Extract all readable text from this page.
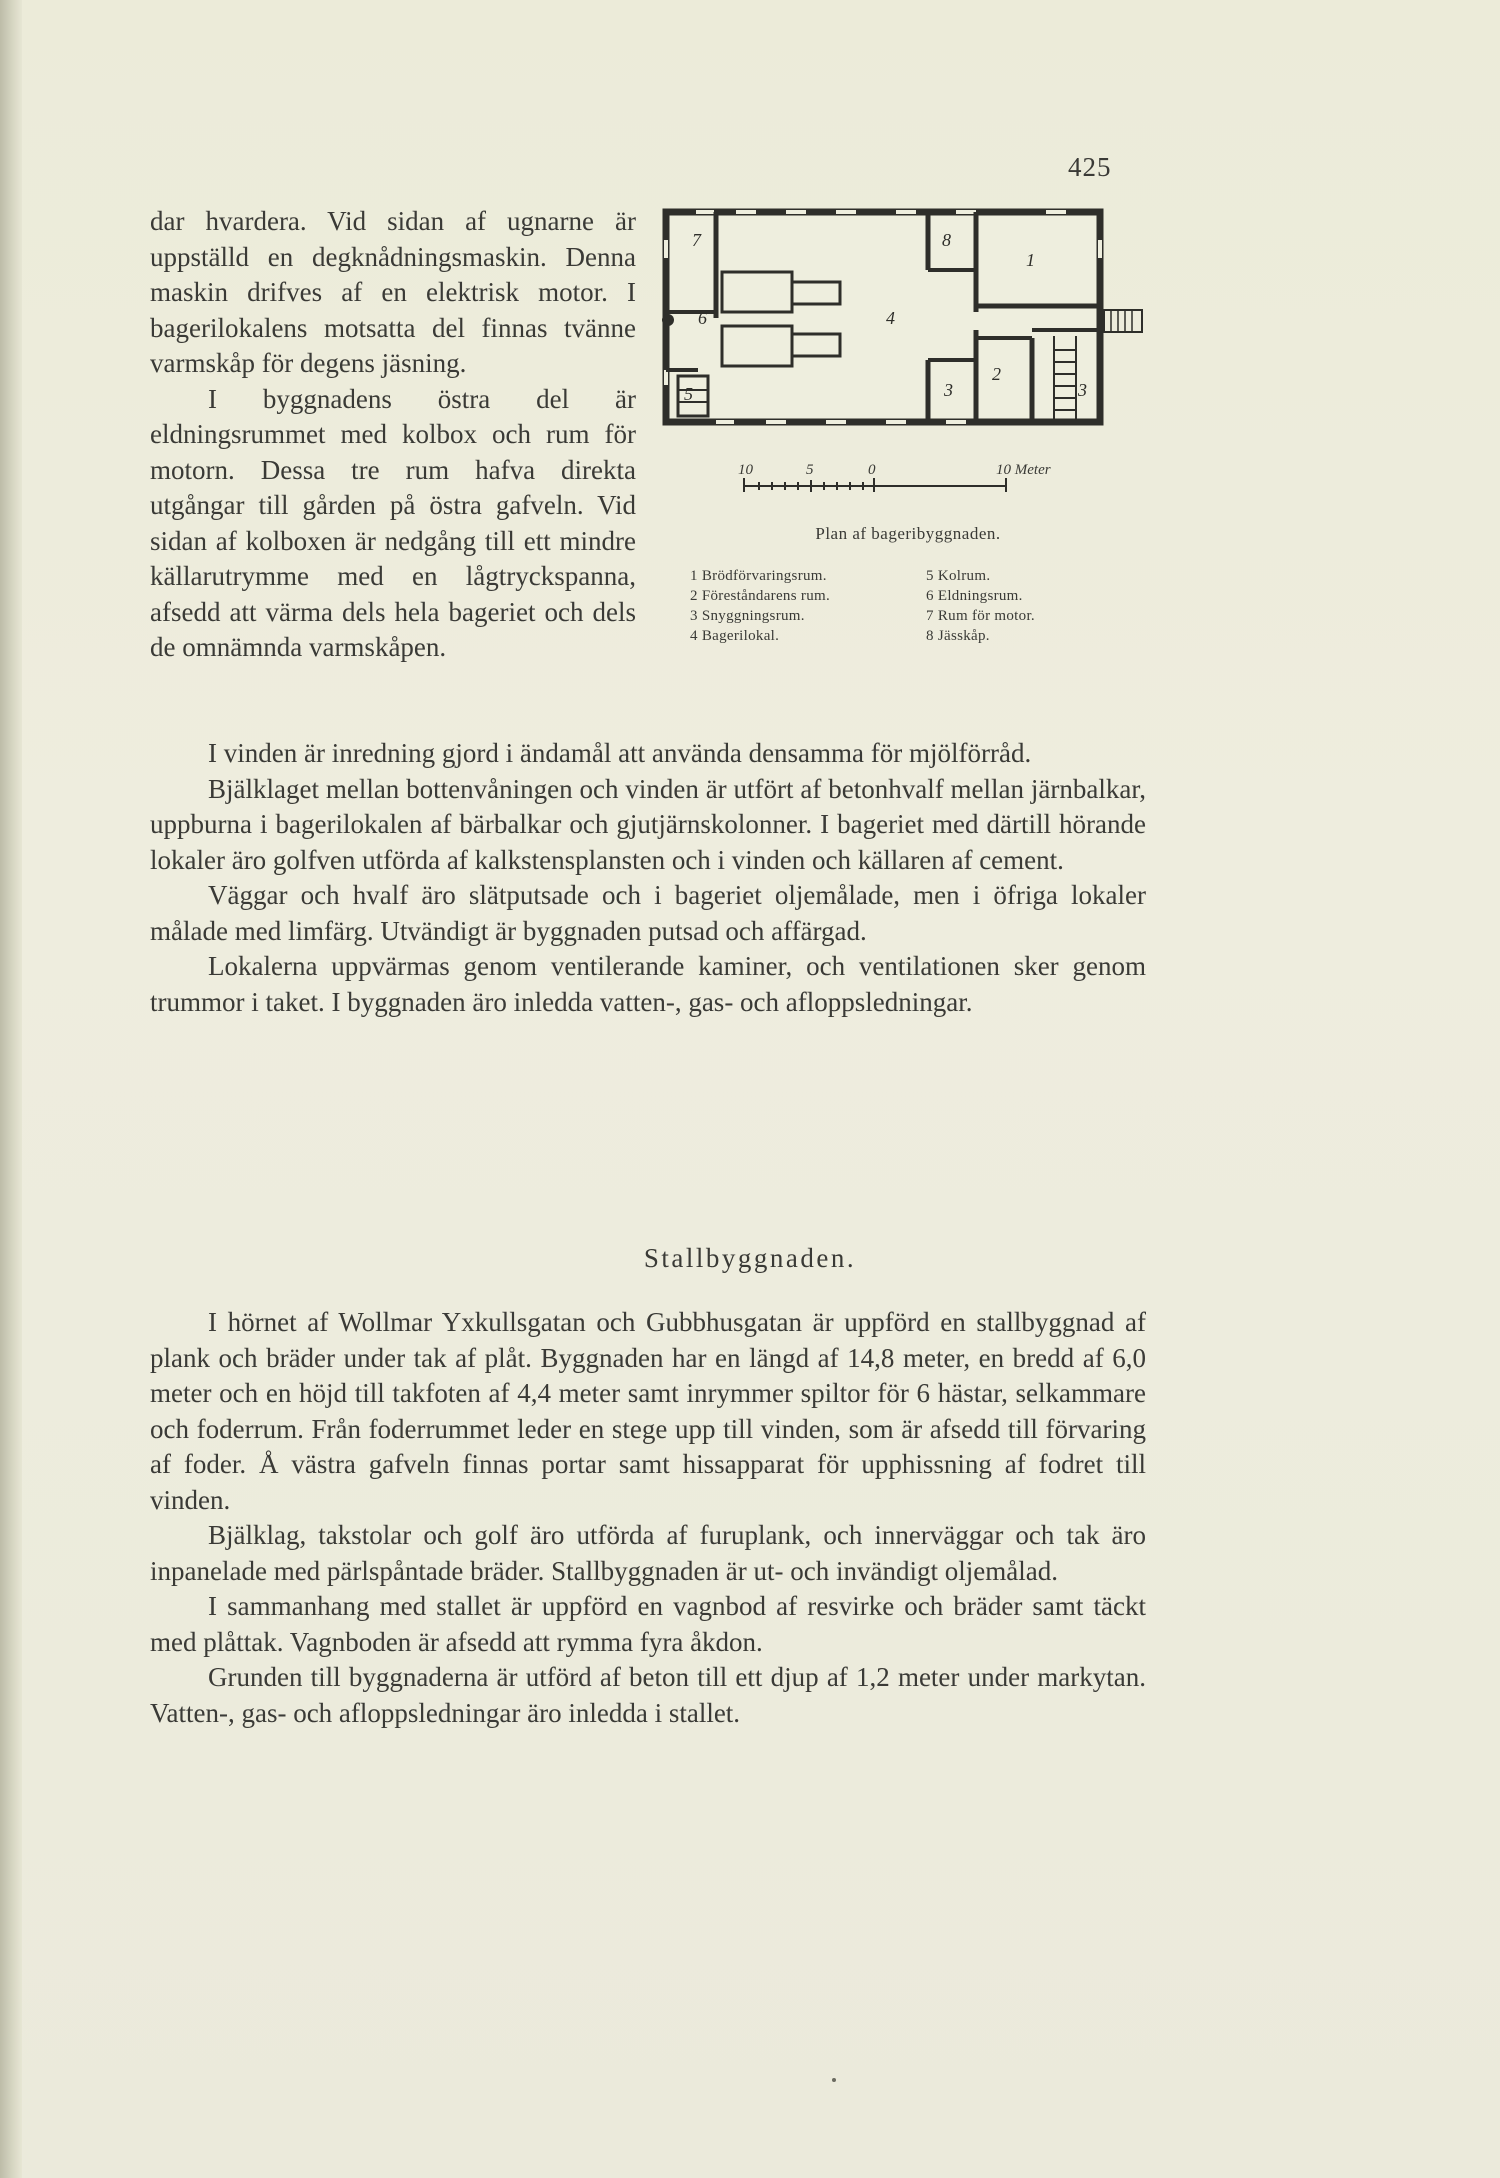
425

dar hvardera. Vid sidan af ugnarne är uppställd en degknådningsmaskin. Denna maskin drifves af en elektrisk motor. I bagerilokalens motsatta del finnas tvänne varmskåp för degens jäsning.

I byggnadens östra del är eldningsrummet med kolbox och rum för motorn. Dessa tre rum hafva direkta utgångar till gården på östra gafveln. Vid sidan af kolboxen är nedgång till ett mindre källarutrymme med en lågtryckspanna, afsedd att värma dels hela bageriet och dels de omnämnda varmskåpen.

7
6
5
4
8
1
3
2
3
10	5	0	10 Meter
Plan af bageribyggnaden.
1 Brödförvaringsrum.
2 Föreståndarens rum.
3 Snyggningsrum.
4 Bagerilokal.
5 Kolrum.
6 Eldningsrum.
7 Rum för motor.
8 Jässkåp.

I vinden är inredning gjord i ändamål att använda densamma för mjölförråd.

Bjälklaget mellan bottenvåningen och vinden är utfört af betonhvalf mellan järnbalkar, uppburna i bagerilokalen af bärbalkar och gjutjärnskolonner. I bageriet med därtill hörande lokaler äro golfven utförda af kalkstensplansten och i vinden och källaren af cement.

Väggar och hvalf äro slätputsade och i bageriet oljemålade, men i öfriga lokaler målade med limfärg. Utvändigt är byggnaden putsad och affärgad.

Lokalerna uppvärmas genom ventilerande kaminer, och ventilationen sker genom trummor i taket. I byggnaden äro inledda vatten-, gas- och afloppsledningar.

Stallbyggnaden.

I hörnet af Wollmar Yxkullsgatan och Gubbhusgatan är uppförd en stallbyggnad af plank och bräder under tak af plåt. Byggnaden har en längd af 14,8 meter, en bredd af 6,0 meter och en höjd till takfoten af 4,4 meter samt inrymmer spiltor för 6 hästar, selkammare och foderrum. Från foderrummet leder en stege upp till vinden, som är afsedd till förvaring af foder. Å västra gafveln finnas portar samt hissapparat för upphissning af fodret till vinden.

Bjälklag, takstolar och golf äro utförda af furuplank, och innerväggar och tak äro inpanelade med pärlspåntade bräder. Stallbyggnaden är ut- och invändigt oljemålad.

I sammanhang med stallet är uppförd en vagnbod af resvirke och bräder samt täckt med plåttak. Vagnboden är afsedd att rymma fyra åkdon.

Grunden till byggnaderna är utförd af beton till ett djup af 1,2 meter under markytan. Vatten-, gas- och afloppsledningar äro inledda i stallet.
